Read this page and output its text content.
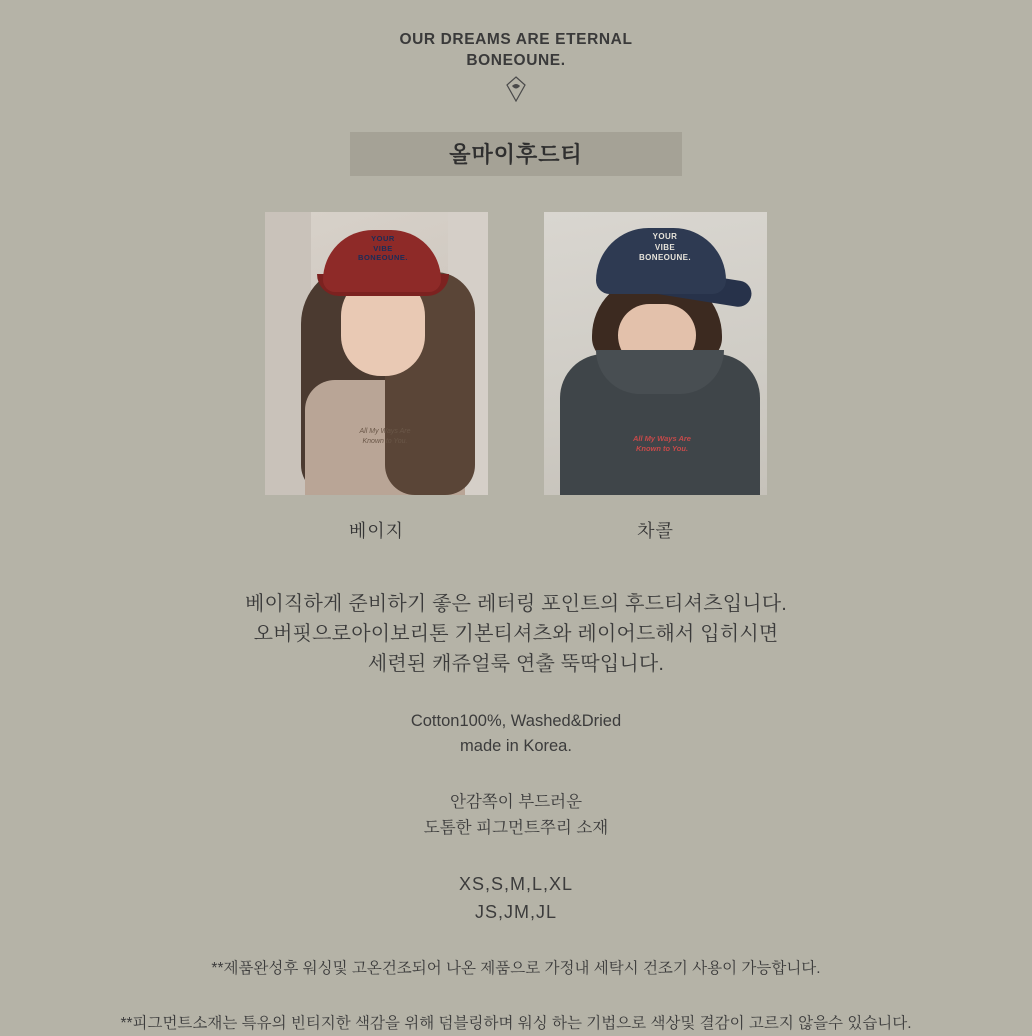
OUR DREAMS ARE ETERNAL
BONEOUNE.
올마이후드티
YOUR
VIBE
BONEOUNE.
All My Ways Are
Known to You.
베이지
YOUR
VIBE
BONEOUNE.
All My Ways Are
Known to You.
차콜
베이직하게 준비하기 좋은 레터링 포인트의 후드티셔츠입니다.
오버핏으로아이보리톤 기본티셔츠와 레이어드해서 입히시면
세련된 캐쥬얼룩 연출 뚝딱입니다.
Cotton100%, Washed&Dried
made in Korea.
안감쪽이 부드러운
도톰한 피그먼트쭈리 소재
XS,S,M,L,XL
JS,JM,JL
**제품완성후 워싱및 고온건조되어 나온 제품으로 가정내 세탁시 건조기 사용이 가능합니다.
**피그먼트소재는 특유의 빈티지한 색감을 위해 덤블링하며 워싱 하는 기법으로 색상및 결감이 고르지 않을수 있습니다.
